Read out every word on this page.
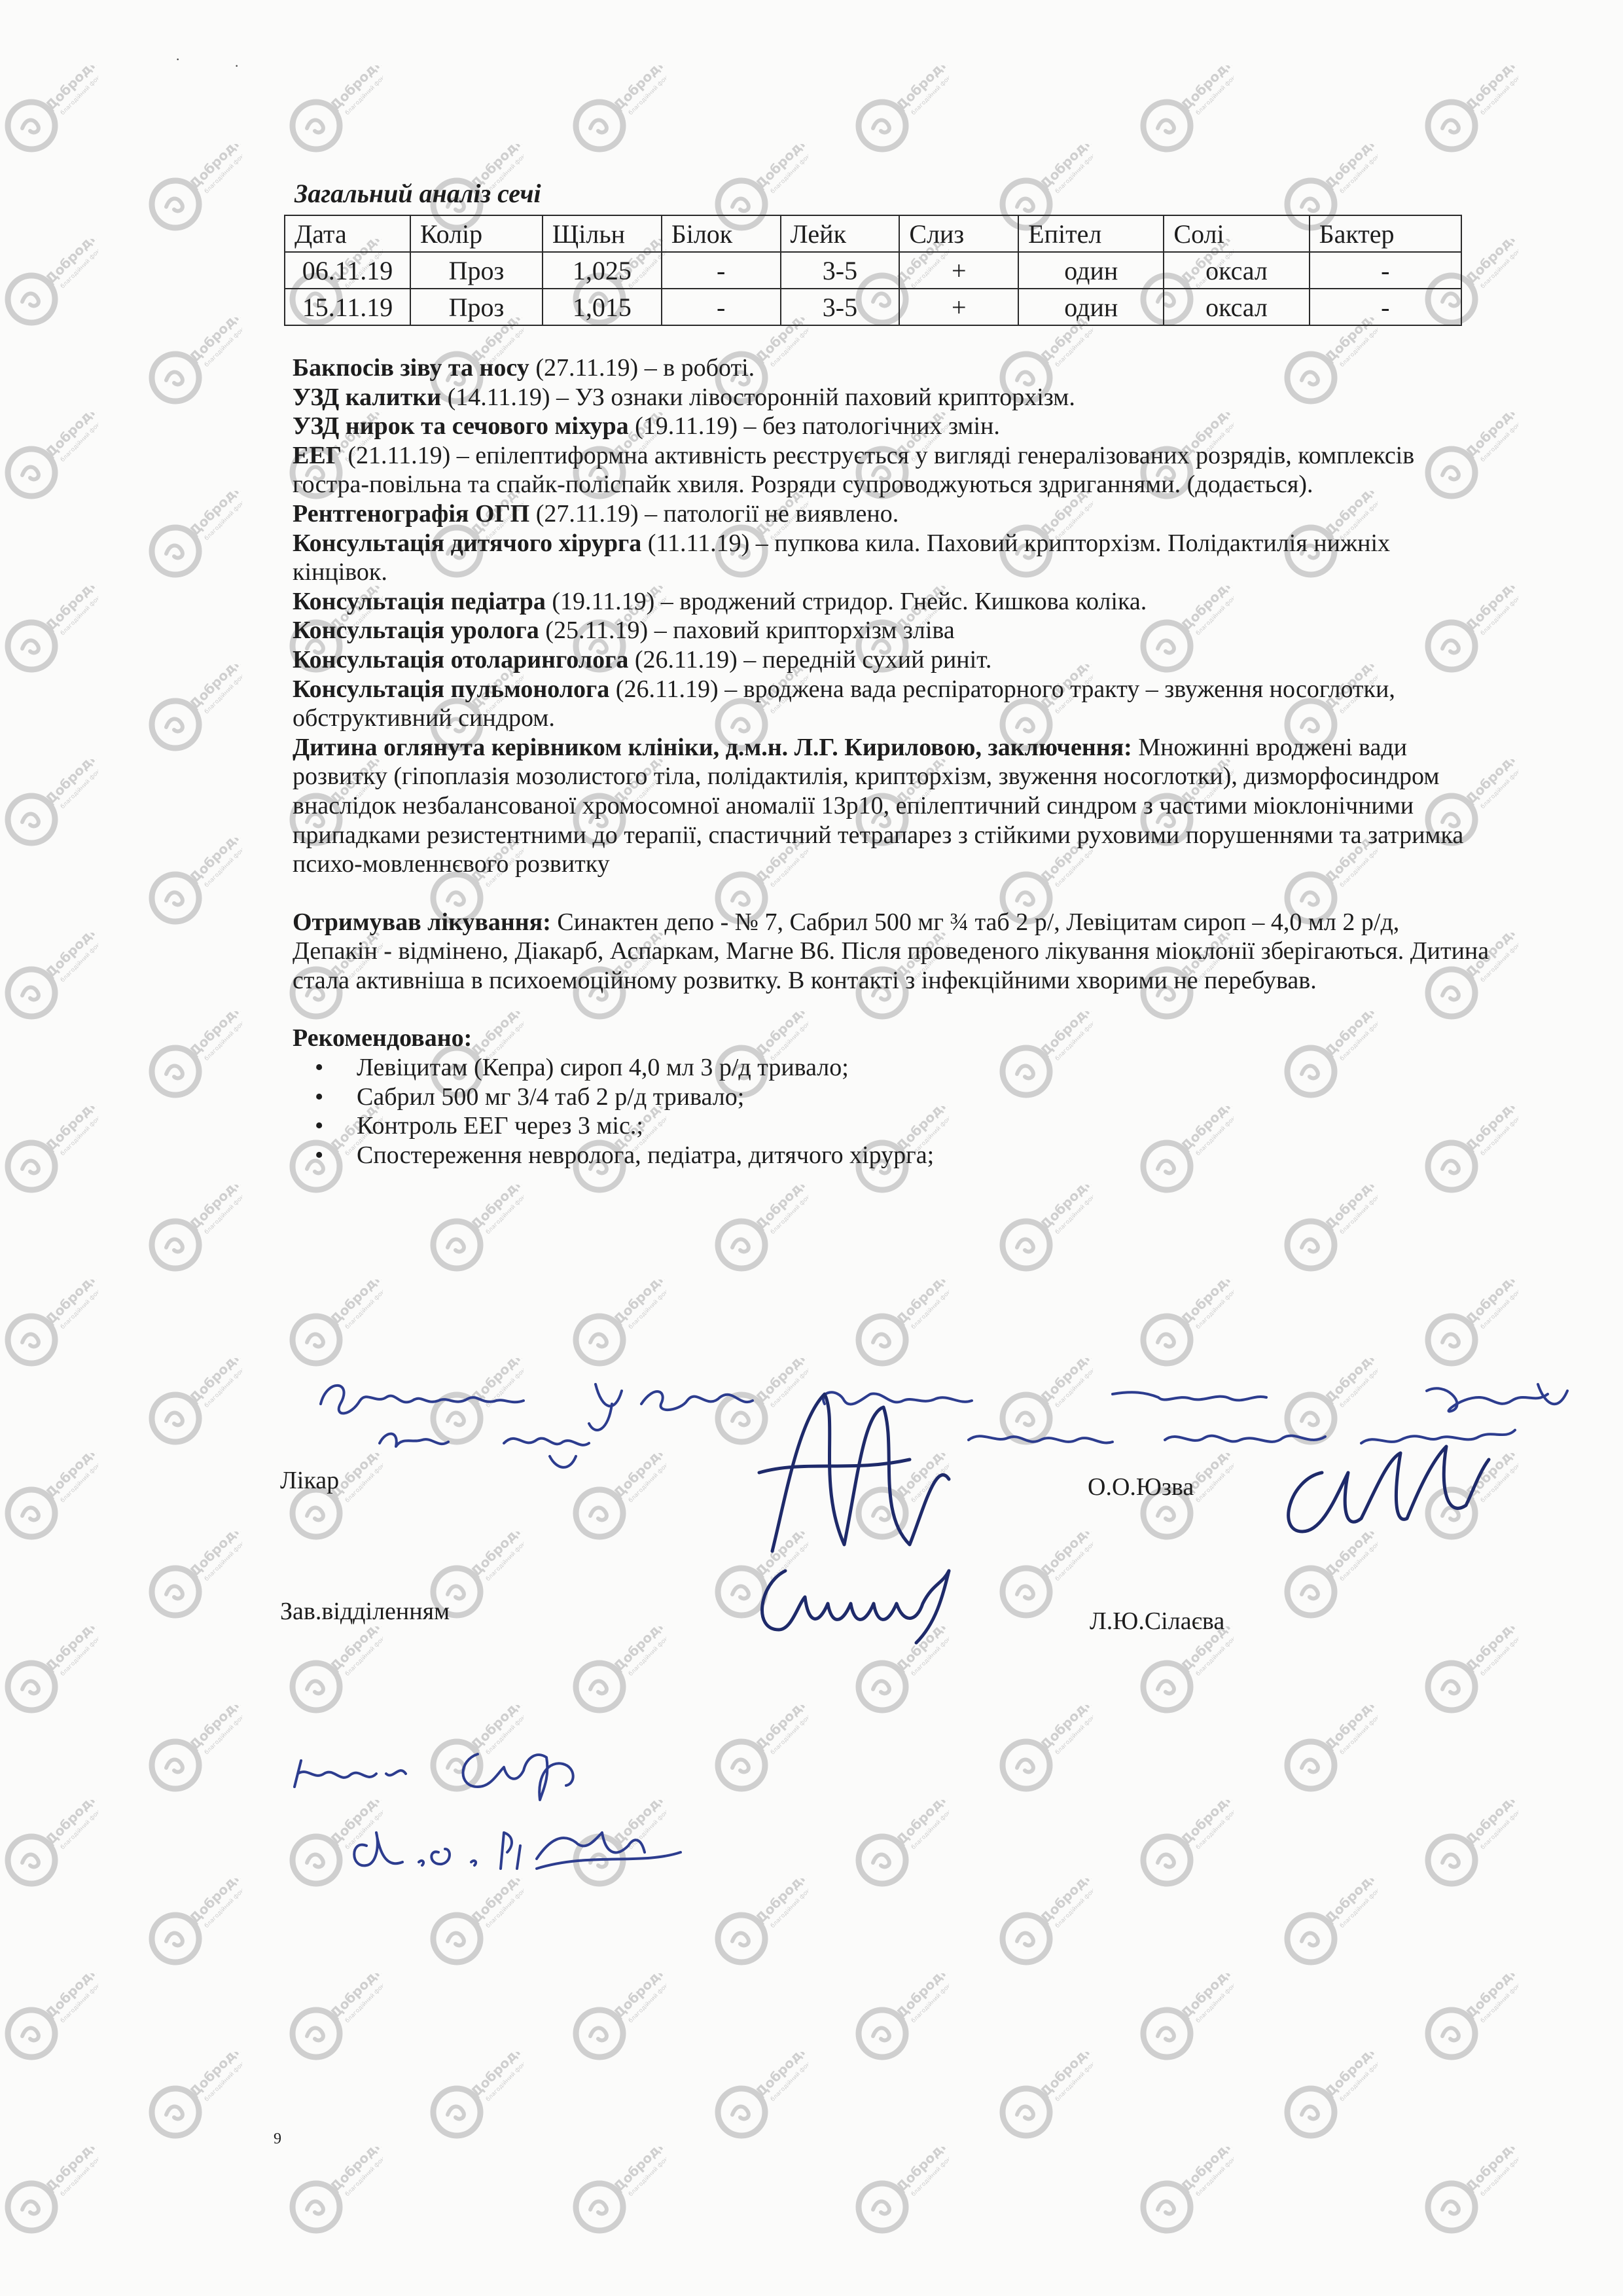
Добродій
благодійний фонд
Добродій
благодійний фонд
Добродій
благодійний фонд
Добродій
благодійний фонд
Добродій
благодійний фонд
Добродій
благодійний фонд
Добродій
благодійний фонд
Добродій
благодійний фонд
Добродій
благодійний фонд
Добродій
благодійний фонд
Добродій
благодійний фонд
Добродій
благодійний фонд
Добродій
благодійний фонд
Добродій
благодійний фонд
Добродій
благодійний фонд
Добродій
благодійний фонд
Добродій
благодійний фонд
Добродій
благодійний фонд
Добродій
благодійний фонд
Добродій
благодійний фонд
Добродій
благодійний фонд
Добродій
благодійний фонд
Добродій
благодійний фонд
Добродій
благодійний фонд
Добродій
благодійний фонд
Добродій
благодійний фонд
Добродій
благодійний фонд
Добродій
благодійний фонд
Добродій
благодійний фонд
Добродій
благодійний фонд
Добродій
благодійний фонд
Добродій
благодійний фонд
Добродій
благодійний фонд
Добродій
благодійний фонд
Добродій
благодійний фонд
Добродій
благодійний фонд
Добродій
благодійний фонд
Добродій
благодійний фонд
Добродій
благодійний фонд
Добродій
благодійний фонд
Добродій
благодійний фонд
Добродій
благодійний фонд
Добродій
благодійний фонд
Добродій
благодійний фонд
Добродій
благодійний фонд
Добродій
благодійний фонд
Добродій
благодійний фонд
Добродій
благодійний фонд
Добродій
благодійний фонд
Добродій
благодійний фонд
Добродій
благодійний фонд
Добродій
благодійний фонд
Добродій
благодійний фонд
Добродій
благодійний фонд
Добродій
благодійний фонд
Добродій
благодійний фонд
Добродій
благодійний фонд
Добродій
благодійний фонд
Добродій
благодійний фонд
Добродій
благодійний фонд
Добродій
благодійний фонд
Добродій
благодійний фонд
Добродій
благодійний фонд
Добродій
благодійний фонд
Добродій
благодійний фонд
Добродій
благодійний фонд
Добродій
благодійний фонд
Добродій
благодійний фонд
Добродій
благодійний фонд
Добродій
благодійний фонд
Добродій
благодійний фонд
Добродій
благодійний фонд
Добродій
благодійний фонд
Добродій
благодійний фонд
Добродій
благодійний фонд
Добродій
благодійний фонд
Добродій
благодійний фонд
Добродій
благодійний фонд
Добродій
благодійний фонд
Добродій
благодійний фонд
Добродій
благодійний фонд
Добродій
благодійний фонд
Добродій
благодійний фонд
Добродій
благодійний фонд
Добродій
благодійний фонд
Добродій
благодійний фонд
Добродій
благодійний фонд
Добродій
благодійний фонд
Добродій
благодійний фонд
Добродій
благодійний фонд
Добродій
благодійний фонд
Добродій
благодійний фонд
Добродій
благодійний фонд
Добродій
благодійний фонд
Добродій
благодійний фонд
Добродій
благодійний фонд
Добродій
благодійний фонд
Добродій
благодійний фонд
Добродій
благодійний фонд
Добродій
благодійний фонд
Добродій
благодійний фонд
Добродій
благодійний фонд
Добродій
благодійний фонд
Добродій
благодійний фонд
Добродій
благодійний фонд
Добродій
благодійний фонд
Добродій
благодійний фонд
Добродій
благодійний фонд
Добродій
благодійний фонд
Добродій
благодійний фонд
Добродій
благодійний фонд
Добродій
благодійний фонд
Добродій
благодійний фонд
Добродій
благодійний фонд
Добродій
благодійний фонд
Добродій
благодійний фонд
Добродій
благодійний фонд
Добродій
благодійний фонд
Добродій
благодійний фонд
Добродій
благодійний фонд
Добродій
благодійний фонд
Добродій
благодійний фонд
Добродій
благодійний фонд
Добродій
благодійний фонд
Добродій
благодійний фонд
Добродій
благодійний фонд
Добродій
благодійний фонд
Добродій
благодійний фонд
Добродій
благодійний фонд
Добродій
благодійний фонд
Добродій
благодійний фонд
Добродій
благодійний фонд
Добродій
благодійний фонд	Добродій
благодійний фонд	Добродій
благодійний фонд	Добродій
благодійний фонд	Добродій
благодійний фонд	Добродій
благодійний фонд
·	·
Загальний аналіз сечі
Дата	Колір	Щільн	Білок	Лейк	Слиз	Епітел	Солі	Бактер
06.11.19	Проз	1,025	-	3-5	+	один	оксал	-
15.11.19	Проз	1,015	-	3-5	+	один	оксал	-

Бакпосів зіву та носу (27.11.19) – в роботі.

УЗД калитки (14.11.19) – УЗ ознаки лівосторонній паховий крипторхізм.

УЗД нирок та сечового міхура (19.11.19) – без патологічних змін.

ЕЕГ (21.11.19) – епілептиформна активність реєструється у вигляді генералізованих розрядів, комплексів гостра-повільна та спайк-поліспайк хвиля. Розряди супроводжуються здриганнями. (додається).

Рентгенографія ОГП (27.11.19) – патології не виявлено.

Консультація дитячого хірурга (11.11.19) – пупкова кила. Паховий крипторхізм. Полідактилія нижніх кінцівок.

Консультація педіатра (19.11.19) – вроджений стридор. Гнейс. Кишкова коліка.

Консультація уролога (25.11.19) – паховий крипторхізм зліва

Консультація отоларинголога (26.11.19) – передній сухий риніт.

Консультація пульмонолога (26.11.19) – вроджена вада респіраторного тракту – звуження носоглотки, обструктивний синдром.

Дитина оглянута керівником клініки, д.м.н. Л.Г. Кириловою, заключення: Множинні вроджені вади розвитку (гіпоплазія мозолистого тіла, полідактилія, крипторхізм, звуження носоглотки), дизморфосиндром внаслідок незбалансованої хромосомної аномалії 13р10, епілептичний синдром з частими міоклонічними припадками резистентними до терапії, спастичний тетрапарез з стійкими руховими порушеннями та затримка психо-мовленнєвого розвитку

Отримував лікування: Синактен депо - № 7, Сабрил 500 мг ¾ таб 2 р/, Левіцитам сироп – 4,0 мл 2 р/д, Депакін - відмінено, Діакарб, Аспаркам, Магне В6. Після проведеного лікування міоклонії зберігаються. Дитина стала активніша в психоемоційному розвитку. В контакті з інфекційними хворими не перебував.

Рекомендовано:

• Левіцитам (Кепра) сироп 4,0 мл 3 р/д тривало;
• Сабрил 500 мг 3/4 таб 2 р/д тривало;
• Контроль ЕЕГ через 3 міс.;
• Спостереження невролога, педіатра, дитячого хірурга;
Лікар	О.О.Юзва
Зав.відділенням	Л.Ю.Сілаєва
9
